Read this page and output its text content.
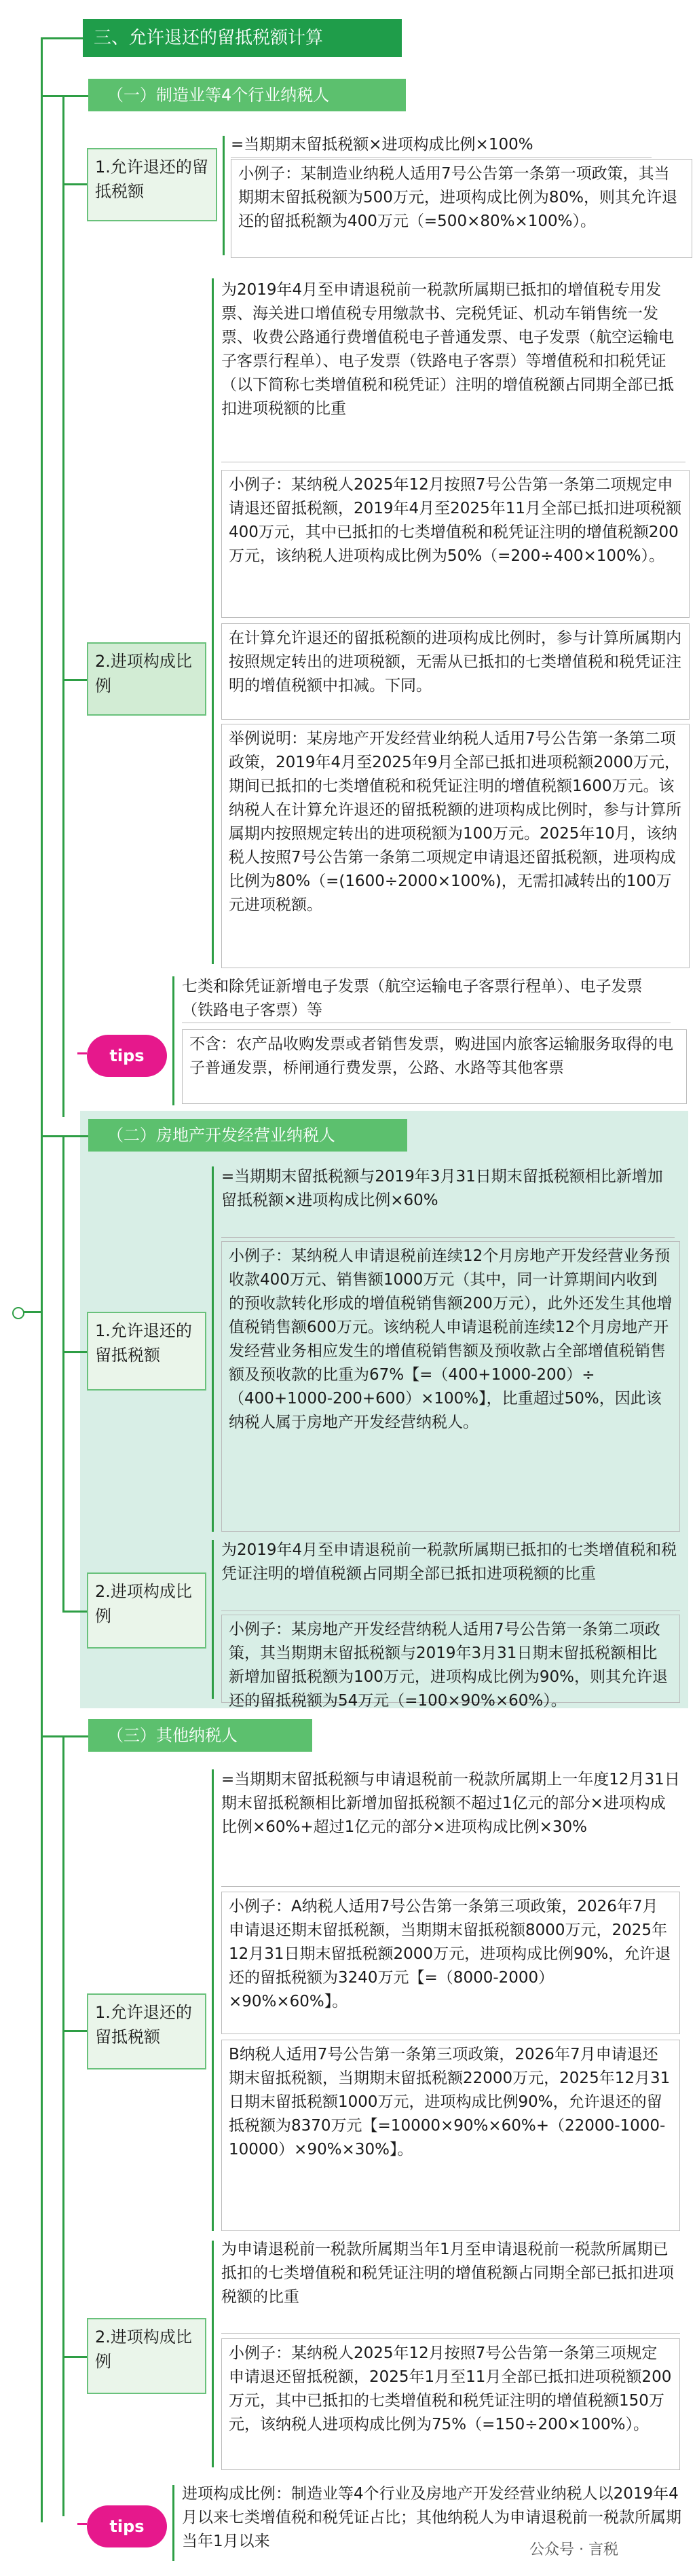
三、允许退还的留抵税额计算
（一）制造业等4个行业纳税人
1.允许退还的留抵税额
=当期期末留抵税额×进项构成比例×100%
小例子：某制造业纳税人适用7号公告第一条第一项政策，其当期期末留抵税额为500万元，进项构成比例为80%，则其允许退还的留抵税额为400万元（=500×80%×100%）。
2.进项构成比例
为2019年4月至申请退税前一税款所属期已抵扣的增值税专用发票、海关进口增值税专用缴款书、完税凭证、机动车销售统一发票、收费公路通行费增值税电子普通发票、电子发票（航空运输电子客票行程单）、电子发票（铁路电子客票）等增值税和扣税凭证（以下简称七类增值税和税凭证）注明的增值税额占同期全部已抵扣进项税额的比重
小例子：某纳税人2025年12月按照7号公告第一条第二项规定申请退还留抵税额，2019年4月至2025年11月全部已抵扣进项税额400万元，其中已抵扣的七类增值税和税凭证注明的增值税额200万元，该纳税人进项构成比例为50%（=200÷400×100%）。
在计算允许退还的留抵税额的进项构成比例时，参与计算所属期内按照规定转出的进项税额，无需从已抵扣的七类增值税和税凭证注明的增值税额中扣减。下同。
举例说明：某房地产开发经营业纳税人适用7号公告第一条第二项政策，2019年4月至2025年9月全部已抵扣进项税额2000万元，期间已抵扣的七类增值税和税凭证注明的增值税额1600万元。该纳税人在计算允许退还的留抵税额的进项构成比例时，参与计算所属期内按照规定转出的进项税额为100万元。2025年10月，该纳税人按照7号公告第一条第二项规定申请退还留抵税额，进项构成比例为80%（=(1600÷2000×100%)，无需扣减转出的100万元进项税额。
tips
七类和除凭证新增电子发票（航空运输电子客票行程单）、电子发票（铁路电子客票）等
不含：农产品收购发票或者销售发票，购进国内旅客运输服务取得的电子普通发票，桥闸通行费发票，公路、水路等其他客票
（二）房地产开发经营业纳税人
1.允许退还的留抵税额
=当期期末留抵税额与2019年3月31日期末留抵税额相比新增加留抵税额×进项构成比例×60%
小例子：某纳税人申请退税前连续12个月房地产开发经营业务预收款400万元、销售额1000万元（其中，同一计算期间内收到的预收款转化形成的增值税销售额200万元），此外还发生其他增值税销售额600万元。该纳税人申请退税前连续12个月房地产开发经营业务相应发生的增值税销售额及预收款占全部增值税销售额及预收款的比重为67%【=（400+1000-200）÷（400+1000-200+600）×100%】，比重超过50%，因此该纳税人属于房地产开发经营纳税人。
2.进项构成比例
为2019年4月至申请退税前一税款所属期已抵扣的七类增值税和税凭证注明的增值税额占同期全部已抵扣进项税额的比重
小例子：某房地产开发经营纳税人适用7号公告第一条第二项政策，其当期期末留抵税额与2019年3月31日期末留抵税额相比新增加留抵税额为100万元，进项构成比例为90%，则其允许退还的留抵税额为54万元（=100×90%×60%）。
（三）其他纳税人
1.允许退还的留抵税额
=当期期末留抵税额与申请退税前一税款所属期上一年度12月31日期末留抵税额相比新增加留抵税额不超过1亿元的部分×进项构成比例×60%+超过1亿元的部分×进项构成比例×30%
小例子：A纳税人适用7号公告第一条第三项政策，2026年7月申请退还期末留抵税额，当期期末留抵税额8000万元，2025年12月31日期末留抵税额2000万元，进项构成比例90%，允许退还的留抵税额为3240万元【=（8000-2000）×90%×60%】。
B纳税人适用7号公告第一条第三项政策，2026年7月申请退还期末留抵税额，当期期末留抵税额22000万元，2025年12月31日期末留抵税额1000万元，进项构成比例90%，允许退还的留抵税额为8370万元【=10000×90%×60%+（22000-1000-10000）×90%×30%】。
2.进项构成比例
为申请退税前一税款所属期当年1月至申请退税前一税款所属期已抵扣的七类增值税和税凭证注明的增值税额占同期全部已抵扣进项税额的比重
小例子：某纳税人2025年12月按照7号公告第一条第三项规定申请退还留抵税额，2025年1月至11月全部已抵扣进项税额200万元，其中已抵扣的七类增值税和税凭证注明的增值税额150万元，该纳税人进项构成比例为75%（=150÷200×100%）。
tips
进项构成比例：制造业等4个行业及房地产开发经营业纳税人以2019年4月以来七类增值税和税凭证占比；其他纳税人为申请退税前一税款所属期当年1月以来	公众号 · 言税
